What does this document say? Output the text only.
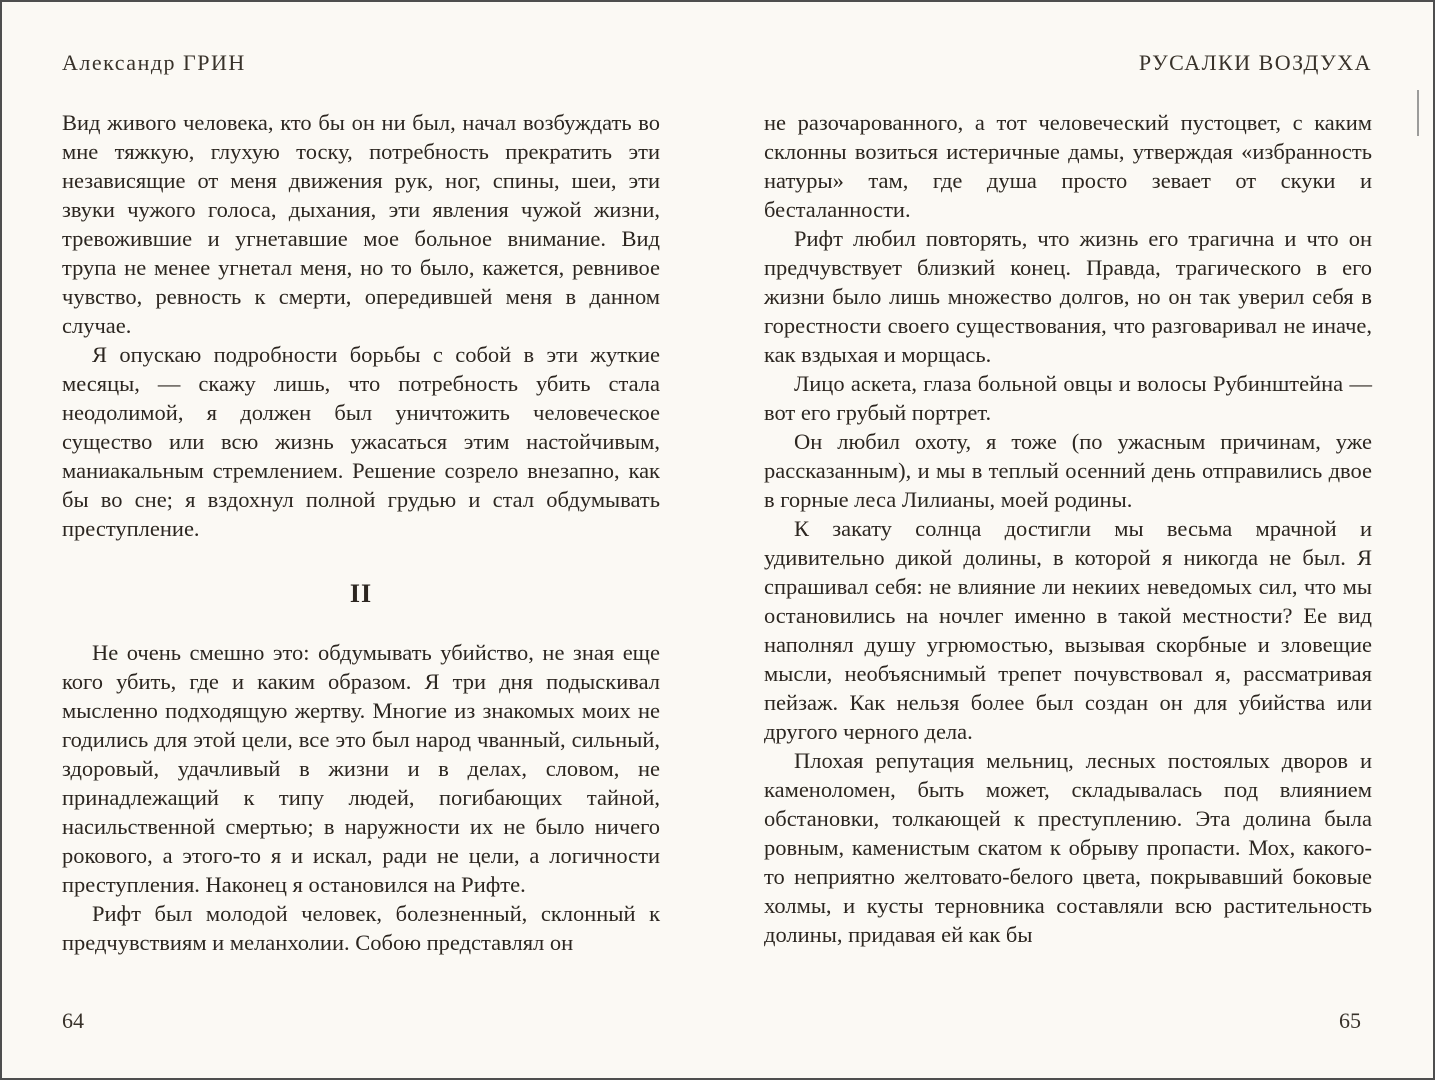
Александр ГРИН

Вид живого человека, кто бы он ни был, начал возбуждать во мне тяжкую, глухую тоску, потребность прекратить эти независящие от меня движения рук, ног, спины, шеи, эти звуки чужого голоса, дыхания, эти явления чужой жизни, тревожившие и угнетавшие мое больное внимание. Вид трупа не менее угнетал меня, но то было, кажется, ревнивое чувство, ревность к смерти, опередившей меня в данном случае.

Я опускаю подробности борьбы с собой в эти жуткие месяцы, — скажу лишь, что потребность убить стала неодолимой, я должен был уничтожить человеческое существо или всю жизнь ужасаться этим настойчивым, маниакальным стремлением. Решение созрело внезапно, как бы во сне; я вздохнул полной грудью и стал обдумывать преступление.

II

Не очень смешно это: обдумывать убийство, не зная еще кого убить, где и каким образом. Я три дня подыскивал мысленно подходящую жертву. Многие из знакомых моих не годились для этой цели, все это был народ чванный, сильный, здоровый, удачливый в жизни и в делах, словом, не принадлежащий к типу людей, погибающих тайной, насильственной смертью; в наружности их не было ничего рокового, а этого-то я и искал, ради не цели, а логичности преступления. Наконец я остановился на Рифте.

Рифт был молодой человек, болезненный, склонный к предчувствиям и меланхолии. Собою представлял он

РУСАЛКИ ВОЗДУХА

не разочарованного, а тот человеческий пустоцвет, с каким склонны возиться истеричные дамы, утверждая «избранность натуры» там, где душа просто зевает от скуки и бесталанности.

Рифт любил повторять, что жизнь его трагична и что он предчувствует близкий конец. Правда, трагического в его жизни было лишь множество долгов, но он так уверил себя в горестности своего существования, что разговаривал не иначе, как вздыхая и морщась.

Лицо аскета, глаза больной овцы и волосы Рубинштейна — вот его грубый портрет.

Он любил охоту, я тоже (по ужасным причинам, уже рассказанным), и мы в теплый осенний день отправились двое в горные леса Лилианы, моей родины.

К закату солнца достигли мы весьма мрачной и удивительно дикой долины, в которой я никогда не был. Я спрашивал себя: не влияние ли некиих неведомых сил, что мы остановились на ночлег именно в такой местности? Ее вид наполнял душу угрюмостью, вызывая скорбные и зловещие мысли, необъяснимый трепет почувствовал я, рассматривая пейзаж. Как нельзя более был создан он для убийства или другого черного дела.

Плохая репутация мельниц, лесных постоялых дворов и каменоломен, быть может, складывалась под влиянием обстановки, толкающей к преступлению. Эта долина была ровным, каменистым скатом к обрыву пропасти. Мох, какого-то неприятно желтовато-белого цвета, покрывавший боковые холмы, и кусты терновника составляли всю растительность долины, придавая ей как бы

64	65
